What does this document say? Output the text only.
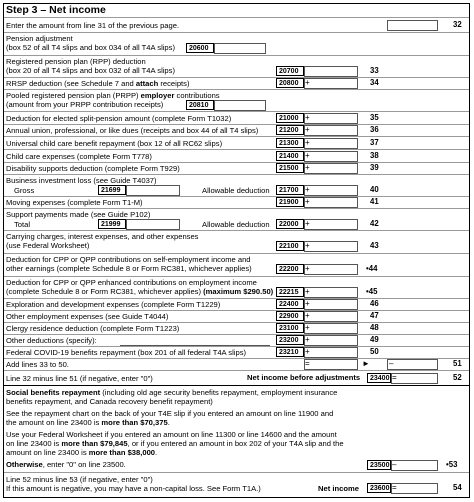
Step 3 – Net income
Enter the amount from line 31 of the previous page.	32
Pension adjustment
(box 52 of all T4 slips and box 034 of all T4A slips)	20600
Registered pension plan (RPP) deduction
(box 20 of all T4 slips and box 032 of all T4A slips)	20700	33
RRSP deduction (see Schedule 7 and attach receipts)	20800 +	34
Pooled registered pension plan (PRPP) employer contributions
(amount from your PRPP contribution receipts)	20810
Deduction for elected split-pension amount (complete Form T1032)	21000 +	35
Annual union, professional, or like dues (receipts and box 44 of all T4 slips)	21200 +	36
Universal child care benefit repayment (box 12 of all RC62 slips)	21300 +	37
Child care expenses (complete Form T778)	21400 +	38
Disability supports deduction (complete Form T929)	21500 +	39
Business investment loss (see Guide T4037)
Gross	21699	Allowable deduction	21700 +	40
Moving expenses (complete Form T1-M)	21900 +	41
Support payments made (see Guide P102)
Total	21999	Allowable deduction	22000 +	42
Carrying charges, interest expenses, and other expenses
(use Federal Worksheet)	22100 +	43
Deduction for CPP or QPP contributions on self-employment income and
other earnings (complete Schedule 8 or Form RC381, whichever applies)	22200 +	•44
Deduction for CPP or QPP enhanced contributions on employment income
(complete Schedule 8 or Form RC381, whichever applies) (maximum $290.50) 22215 +	•45
Exploration and development expenses (complete Form T1229)	22400 +	46
Other employment expenses (see Guide T4044)	22900 +	47
Clergy residence deduction (complete Form T1223)	23100 +	48
Other deductions (specify):	23200 +	49
Federal COVID-19 benefits repayment (box 201 of all federal T4A slips)	23210 +	50
Add lines 33 to 50.	=	► –	51
Line 32 minus line 51 (if negative, enter "0")	Net income before adjustments	23400 =	52
Social benefits repayment (including old age security benefits repayment, employment insurance
benefits repayment, and Canada recovery benefit repayment)
See the repayment chart on the back of your T4E slip if you entered an amount on line 11900 and
the amount on line 23400 is more than $70,375.
Use your Federal Worksheet if you entered an amount on line 11300 or line 14600 and the amount
on line 23400 is more than $79,845, or if you entered an amount in box 202 of your T4A slip and the
amount on line 23400 is more than $38,000.
Otherwise, enter "0" on line 23500.	23500 –	•53
Line 52 minus line 53 (if negative, enter "0")
If this amount is negative, you may have a non-capital loss. See Form T1A.)	Net income	23600 =	54
